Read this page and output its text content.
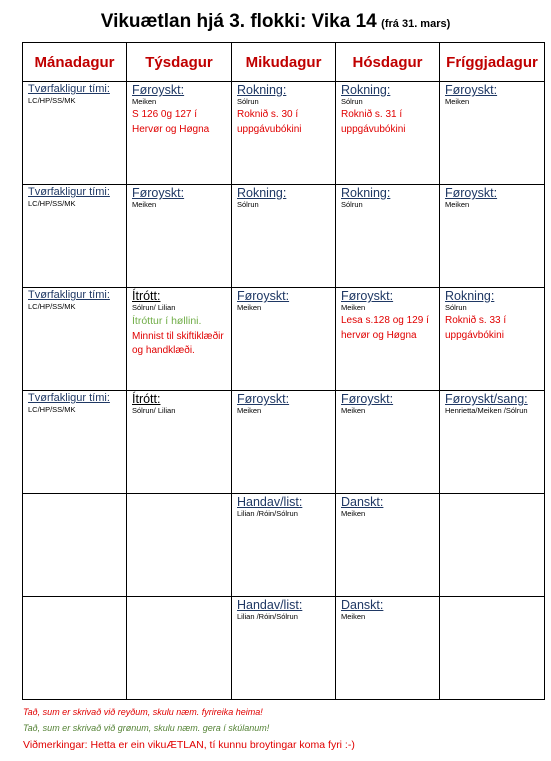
Vikuætlan hjá 3. flokki: Vika 14 (frá 31. mars)
Mánadagur	Týsdagur	Mikudagur	Hósdagur	Fríggjadagur

Tvørfakligur tími:
LC/HP/SS/MK	Føroyskt:
Meiken
S 126 0g 127 í Hervør og Høgna	Rokning:
Sólrun
Roknið s. 30 í uppgávubókini	Rokning:
Sólrun
Roknið s. 31 í uppgávubókini	Føroyskt:
Meiken

Tvørfakligur tími:
LC/HP/SS/MK	Føroyskt:
Meiken	Rokning:
Sólrun	Rokning:
Sólrun	Føroyskt:
Meiken

Tvørfakligur tími:
LC/HP/SS/MK	Ítrótt:
Sólrun/ Lilian
Ítróttur í høllini.
Minnist til skiftiklæðir og handklæði.	Føroyskt:
Meiken	Føroyskt:
Meiken
Lesa s.128 og 129 í hervør og Høgna	Rokning:
Sólrun
Roknið s. 33 í uppgávbókini

Tvørfakligur tími:
LC/HP/SS/MK	Ítrótt:
Sólrun/ Lilian	Føroyskt:
Meiken	Føroyskt:
Meiken	Føroyskt/sang:
Henrietta/Meiken /Sólrun

		Handav/list:
Lilian /Róin/Sólrun	Danskt:
Meiken	

		Handav/list:
Lilian /Róin/Sólrun	Danskt:
Meiken	

Tað, sum er skrivað við reyðum, skulu næm. fyrireika heima!
Tað, sum er skrivað við grønum, skulu næm. gera í skúlanum!
Viðmerkingar: Hetta er ein vikuÆTLAN, tí kunnu broytingar koma fyri :-)
